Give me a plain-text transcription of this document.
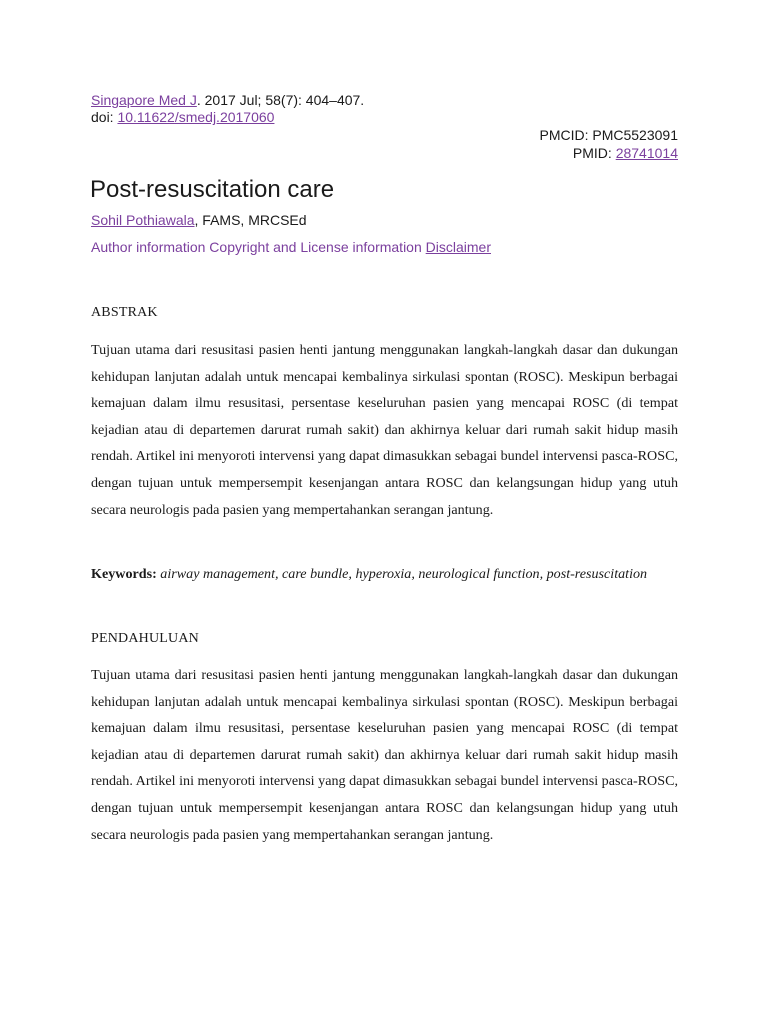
Singapore Med J. 2017 Jul; 58(7): 404–407.
doi: 10.11622/smedj.2017060
PMCID: PMC5523091
PMID: 28741014
Post-resuscitation care
Sohil Pothiawala, FAMS, MRCSEd
Author information Copyright and License information Disclaimer
ABSTRAK

Tujuan utama dari resusitasi pasien henti jantung menggunakan langkah-langkah dasar dan dukungan kehidupan lanjutan adalah untuk mencapai kembalinya sirkulasi spontan (ROSC). Meskipun berbagai kemajuan dalam ilmu resusitasi, persentase keseluruhan pasien yang mencapai ROSC (di tempat kejadian atau di departemen darurat rumah sakit) dan akhirnya keluar dari rumah sakit hidup masih rendah. Artikel ini menyoroti intervensi yang dapat dimasukkan sebagai bundel intervensi pasca-ROSC, dengan tujuan untuk mempersempit kesenjangan antara ROSC dan kelangsungan hidup yang utuh secara neurologis pada pasien yang mempertahankan serangan jantung.

Keywords: airway management, care bundle, hyperoxia, neurological function, post-resuscitation

PENDAHULUAN

Tujuan utama dari resusitasi pasien henti jantung menggunakan langkah-langkah dasar dan dukungan kehidupan lanjutan adalah untuk mencapai kembalinya sirkulasi spontan (ROSC). Meskipun berbagai kemajuan dalam ilmu resusitasi, persentase keseluruhan pasien yang mencapai ROSC (di tempat kejadian atau di departemen darurat rumah sakit) dan akhirnya keluar dari rumah sakit hidup masih rendah. Artikel ini menyoroti intervensi yang dapat dimasukkan sebagai bundel intervensi pasca-ROSC, dengan tujuan untuk mempersempit kesenjangan antara ROSC dan kelangsungan hidup yang utuh secara neurologis pada pasien yang mempertahankan serangan jantung.
